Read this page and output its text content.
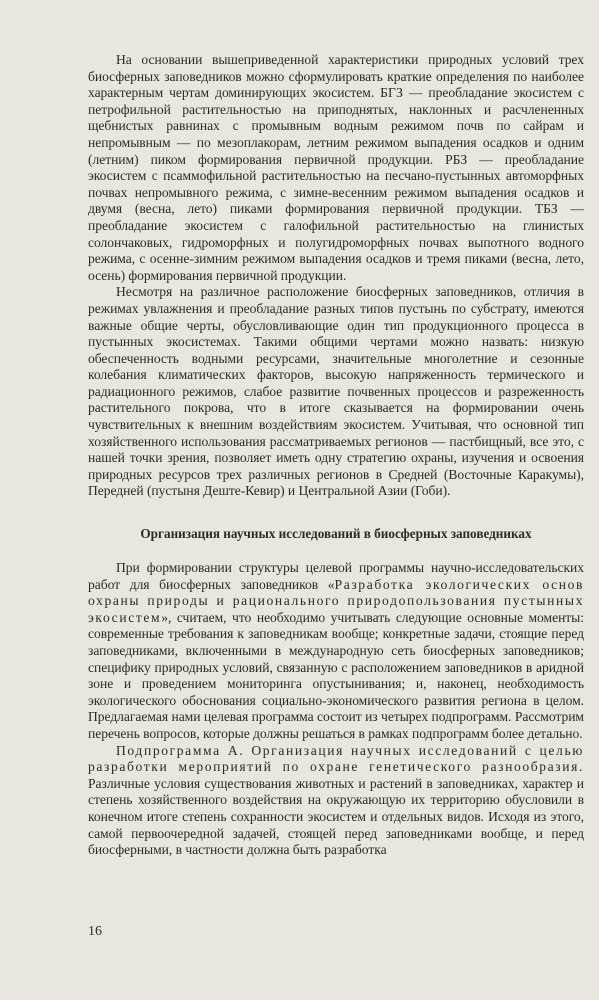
На основании вышеприведенной характеристики природных условий трех биосферных заповедников можно сформулировать краткие определения по наиболее характерным чертам доминирующих экосистем. БГЗ — преобладание экосистем с петрофильной растительностью на приподнятых, наклонных и расчлененных щебнистых равнинах с промывным водным режимом почв по сайрам и непромывным — по мезоплакорам, летним режимом выпадения осадков и одним (летним) пиком формирования первичной продукции. РБЗ — преобладание экосистем с псаммофильной растительностью на песчано-пустынных автоморфных почвах непромывного режима, с зимне-весенним режимом выпадения осадков и двумя (весна, лето) пиками формирования первичной продукции. ТБЗ — преобладание экосистем с галофильной растительностью на глинистых солончаковых, гидроморфных и полугидроморфных почвах выпотного водного режима, с осенне-зимним режимом выпадения осадков и тремя пиками (весна, лето, осень) формирования первичной продукции.

Несмотря на различное расположение биосферных заповедников, отличия в режимах увлажнения и преобладание разных типов пустынь по субстрату, имеются важные общие черты, обусловливающие один тип продукционного процесса в пустынных экосистемах. Такими общими чертами можно назвать: низкую обеспеченность водными ресурсами, значительные многолетние и сезонные колебания климатических факторов, высокую напряженность термического и радиационного режимов, слабое развитие почвенных процессов и разреженность растительного покрова, что в итоге сказывается на формировании очень чувствительных к внешним воздействиям экосистем. Учитывая, что основной тип хозяйственного использования рассматриваемых регионов — пастбищный, все это, с нашей точки зрения, позволяет иметь одну стратегию охраны, изучения и освоения природных ресурсов трех различных регионов в Средней (Восточные Каракумы), Передней (пустыня Деште-Кевир) и Центральной Азии (Гоби).

Организация научных исследований в биосферных заповедниках

При формировании структуры целевой программы научно-исследовательских работ для биосферных заповедников «Разработка экологических основ охраны природы и рационального природопользования пустынных экосистем», считаем, что необходимо учитывать следующие основные моменты: современные требования к заповедникам вообще; конкретные задачи, стоящие перед заповедниками, включенными в международную сеть биосферных заповедников; специфику природных условий, связанную с расположением заповедников в аридной зоне и проведением мониторинга опустынивания; и, наконец, необходимость экологического обоснования социально-экономического развития региона в целом. Предлагаемая нами целевая программа состоит из четырех подпрограмм. Рассмотрим перечень вопросов, которые должны решаться в рамках подпрограмм более детально.

Подпрограмма А. Организация научных исследований с целью разработки мероприятий по охране генетического разнообразия. Различные условия существования животных и растений в заповедниках, характер и степень хозяйственного воздействия на окружающую их территорию обусловили в конечном итоге степень сохранности экосистем и отдельных видов. Исходя из этого, самой первоочередной задачей, стоящей перед заповедниками вообще, и перед биосферными, в частности должна быть разработка

16
